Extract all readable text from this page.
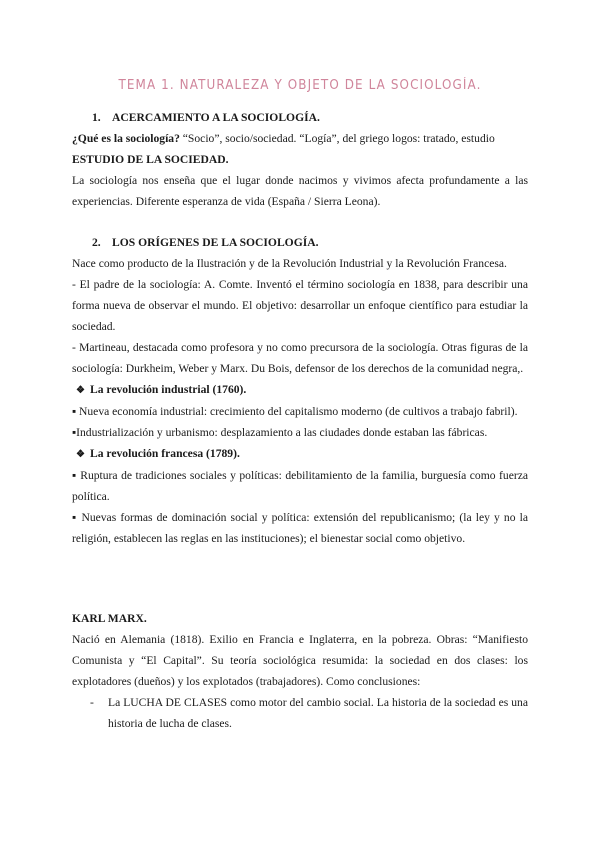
TEMA 1. NATURALEZA Y OBJETO DE LA SOCIOLOGÍA.

1. ACERCAMIENTO A LA SOCIOLOGÍA.

¿Qué es la sociología? “Socio”, socio/sociedad. “Logía”, del griego logos: tratado, estudio

ESTUDIO DE LA SOCIEDAD.

La sociología nos enseña que el lugar donde nacimos y vivimos afecta profundamente a las experiencias. Diferente esperanza de vida (España / Sierra Leona).

2. LOS ORÍGENES DE LA SOCIOLOGÍA.

Nace como producto de la Ilustración y de la Revolución Industrial y la Revolución Francesa.

- El padre de la sociología: A. Comte. Inventó el término sociología en 1838, para describir una forma nueva de observar el mundo. El objetivo: desarrollar un enfoque científico para estudiar la sociedad.

- Martineau, destacada como profesora y no como precursora de la sociología. Otras figuras de la sociología: Durkheim, Weber y Marx. Du Bois, defensor de los derechos de la comunidad negra,.

❖ La revolución industrial (1760).

▪ Nueva economía industrial: crecimiento del capitalismo moderno (de cultivos a trabajo fabril).

▪Industrialización y urbanismo: desplazamiento a las ciudades donde estaban las fábricas.

❖ La revolución francesa (1789).

▪ Ruptura de tradiciones sociales y políticas: debilitamiento de la familia, burguesía como fuerza política.

▪ Nuevas formas de dominación social y política: extensión del republicanismo; (la ley y no la religión, establecen las reglas en las instituciones); el bienestar social como objetivo.

KARL MARX.

Nació en Alemania (1818). Exilio en Francia e Inglaterra, en la pobreza. Obras: “Manifiesto Comunista y “El Capital”. Su teoría sociológica resumida: la sociedad en dos clases: los explotadores (dueños) y los explotados (trabajadores). Como conclusiones:

- La LUCHA DE CLASES como motor del cambio social. La historia de la sociedad es una historia de lucha de clases.
